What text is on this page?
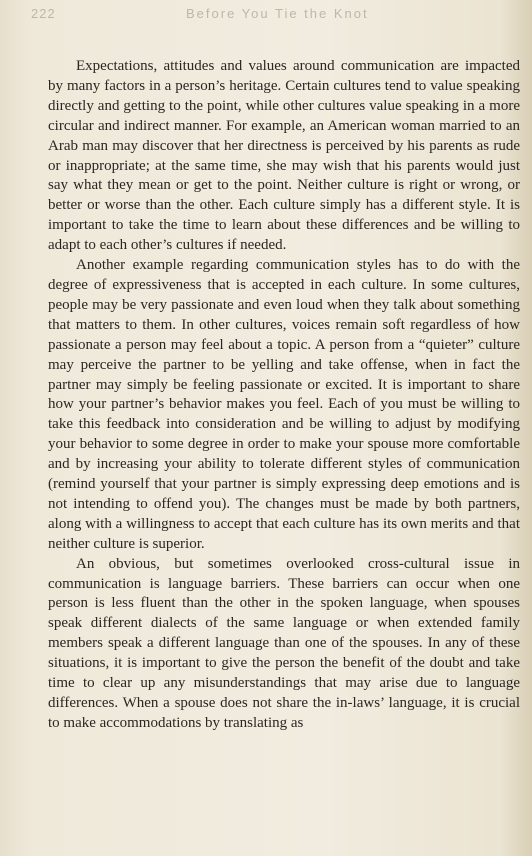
222	Before You Tie the Knot

Expectations, attitudes and values around communication are impacted by many factors in a person’s heritage. Certain cultures tend to value speaking directly and getting to the point, while other cultures value speaking in a more circular and indirect manner. For example, an American woman married to an Arab man may discover that her directness is perceived by his parents as rude or inappropriate; at the same time, she may wish that his parents would just say what they mean or get to the point. Neither culture is right or wrong, or better or worse than the other. Each culture simply has a different style. It is important to take the time to learn about these differences and be willing to adapt to each other’s cultures if needed.

Another example regarding communication styles has to do with the degree of expressiveness that is accepted in each culture. In some cultures, people may be very passionate and even loud when they talk about something that matters to them. In other cultures, voices remain soft regardless of how passionate a person may feel about a topic. A person from a “quieter” culture may perceive the partner to be yelling and take offense, when in fact the partner may simply be feeling passionate or excited. It is important to share how your partner’s behavior makes you feel. Each of you must be willing to take this feedback into consideration and be willing to adjust by modifying your behavior to some degree in order to make your spouse more comfortable and by increasing your ability to tolerate different styles of communication (remind yourself that your partner is simply expressing deep emotions and is not intending to offend you). The changes must be made by both partners, along with a willingness to accept that each culture has its own merits and that neither culture is superior.

An obvious, but sometimes overlooked cross-cultural issue in communication is language barriers. These barriers can occur when one person is less fluent than the other in the spoken language, when spouses speak different dialects of the same language or when extended family members speak a different language than one of the spouses. In any of these situations, it is important to give the person the benefit of the doubt and take time to clear up any misunderstandings that may arise due to language differences. When a spouse does not share the in-laws’ language, it is crucial to make accommodations by translating as
